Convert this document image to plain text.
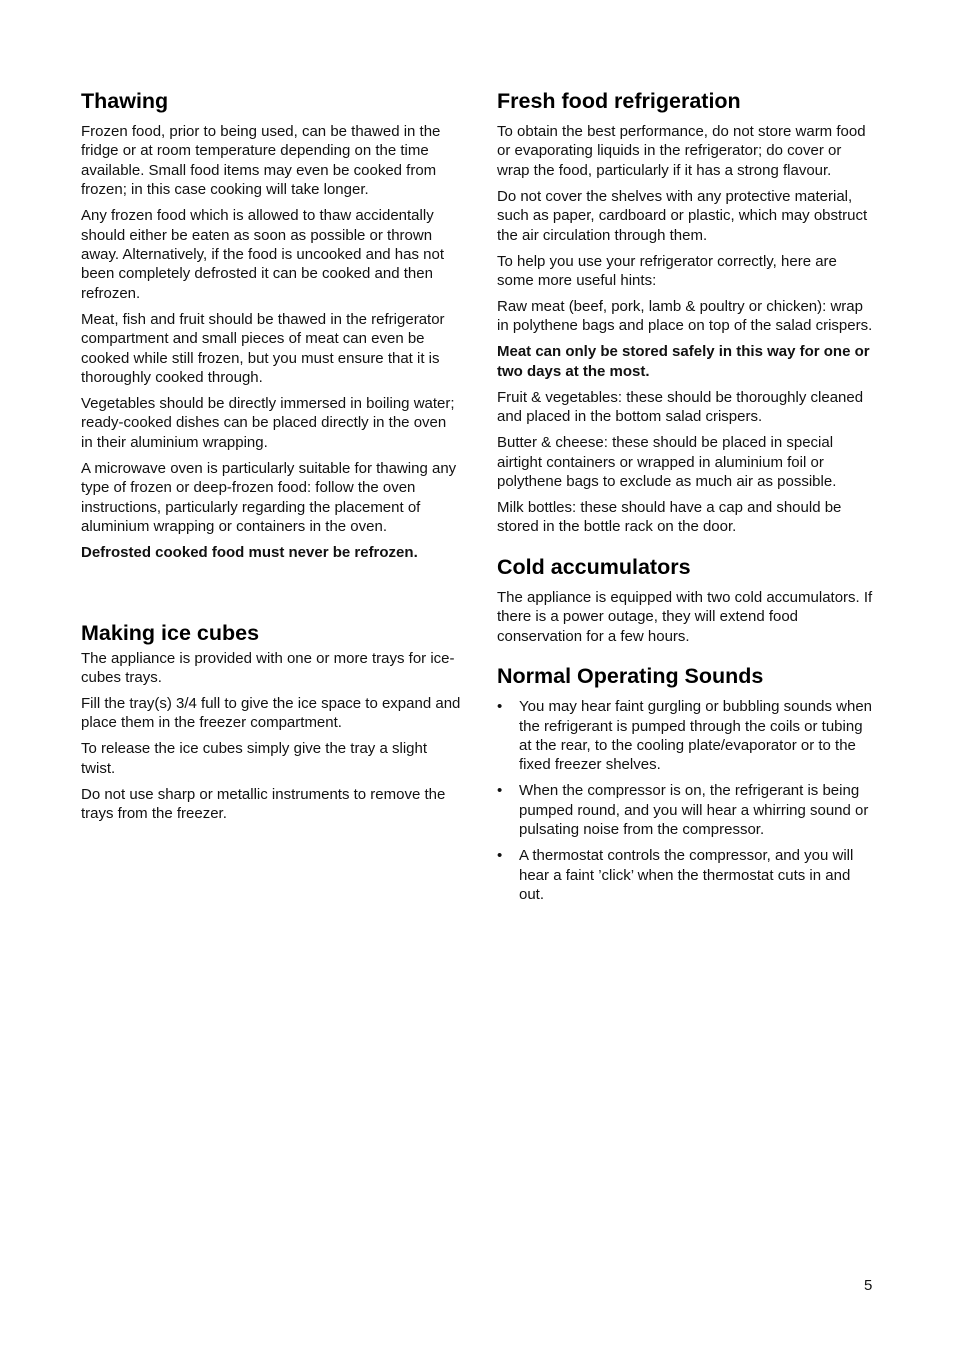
Thawing

Frozen food, prior to being used, can be thawed in the fridge or at room temperature depending on the time available. Small food items may even be cooked from frozen; in this case cooking will take longer.

Any frozen food which is allowed to thaw accidentally should either be eaten as soon as possible or thrown away. Alternatively, if the food is uncooked and has not been completely defrosted it can be cooked and then refrozen.

Meat, fish and fruit should be thawed in the refrigerator compartment and small pieces of meat can even be cooked while still frozen, but you must ensure that it is thoroughly cooked through.

Vegetables should be directly immersed in boiling water; ready-cooked dishes can be placed directly in the oven in their aluminium wrapping.

A microwave oven is particularly suitable for thawing any type of frozen or deep-frozen food: follow the oven instructions, particularly regarding the placement of aluminium wrapping or containers in the oven.

Defrosted cooked food must never be refrozen.

Making ice cubes

The appliance is provided with one or more trays for ice-cubes trays.

Fill the tray(s) 3/4 full to give the ice space to expand and place them in the freezer compartment.

To release the ice cubes simply give the tray a slight twist.

Do not use sharp or metallic instruments to remove the trays from the freezer.

Fresh food refrigeration

To obtain the best performance, do not store warm food or evaporating liquids in the refrigerator; do cover or wrap the food, particularly if it has a strong flavour.

Do not cover the shelves with any protective material, such as paper, cardboard or plastic, which may obstruct the air circulation through them.

To help you use your refrigerator correctly, here are some more useful hints:

Raw meat (beef, pork, lamb & poultry or chicken): wrap in polythene bags and place on top of the salad crispers.

Meat can only be stored safely in this way for one or two days at the most.

Fruit & vegetables: these should be thoroughly cleaned and placed in the bottom salad crispers.

Butter & cheese: these should be placed in special airtight containers or wrapped in aluminium foil or polythene bags to exclude as much air as possible.

Milk bottles: these should have a cap and should be stored in the bottle rack on the door.

Cold accumulators

The appliance is equipped with two cold accumulators. If there is a power outage, they will extend food conservation for a few hours.

Normal Operating Sounds
• You may hear faint gurgling or bubbling sounds when the refrigerant is pumped through the coils or tubing at the rear, to the cooling plate/evaporator or to the fixed freezer shelves.
• When the compressor is on, the refrigerant is being pumped round, and you will hear a whirring sound or pulsating noise from the compressor.
• A thermostat controls the compressor, and you will hear a faint ’click’ when the thermostat cuts in and out.
5
